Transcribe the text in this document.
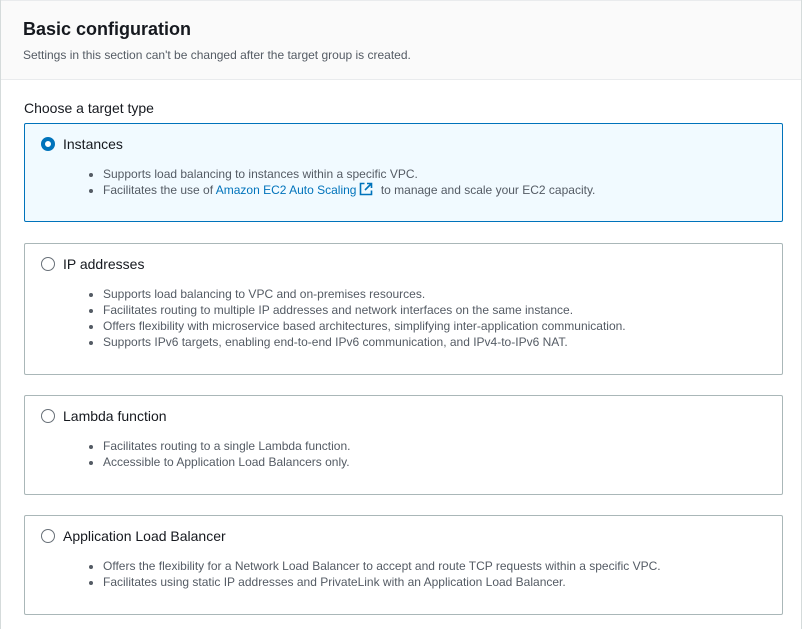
Basic configuration

Settings in this section can't be changed after the target group is created.

Choose a target type
Instances
• Supports load balancing to instances within a specific VPC.
• Facilitates the use of Amazon EC2 Auto Scaling to manage and scale your EC2 capacity.
IP addresses
• Supports load balancing to VPC and on-premises resources.
• Facilitates routing to multiple IP addresses and network interfaces on the same instance.
• Offers flexibility with microservice based architectures, simplifying inter-application communication.
• Supports IPv6 targets, enabling end-to-end IPv6 communication, and IPv4-to-IPv6 NAT.
Lambda function
• Facilitates routing to a single Lambda function.
• Accessible to Application Load Balancers only.
Application Load Balancer
• Offers the flexibility for a Network Load Balancer to accept and route TCP requests within a specific VPC.
• Facilitates using static IP addresses and PrivateLink with an Application Load Balancer.
